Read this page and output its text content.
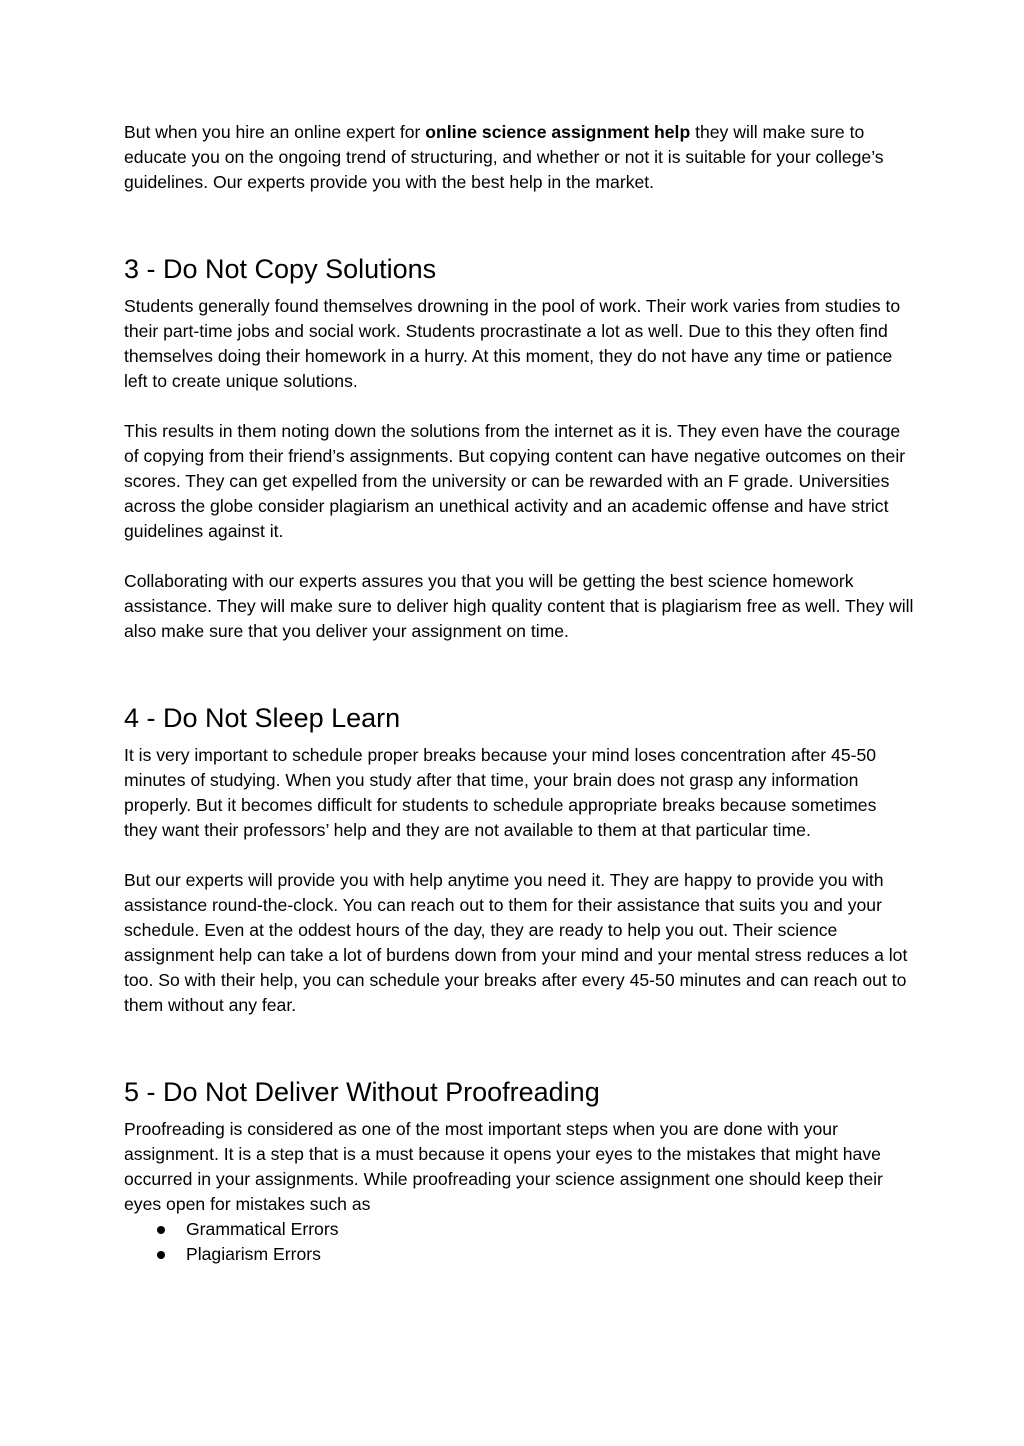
But when you hire an online expert for online science assignment help they will make sure to educate you on the ongoing trend of structuring, and whether or not it is suitable for your college’s guidelines. Our experts provide you with the best help in the market.

3 - Do Not Copy Solutions

Students generally found themselves drowning in the pool of work. Their work varies from studies to their part-time jobs and social work. Students procrastinate a lot as well. Due to this they often find themselves doing their homework in a hurry. At this moment, they do not have any time or patience left to create unique solutions.

This results in them noting down the solutions from the internet as it is. They even have the courage of copying from their friend’s assignments. But copying content can have negative outcomes on their scores. They can get expelled from the university or can be rewarded with an F grade. Universities across the globe consider plagiarism an unethical activity and an academic offense and have strict guidelines against it.

Collaborating with our experts assures you that you will be getting the best science homework assistance. They will make sure to deliver high quality content that is plagiarism free as well. They will also make sure that you deliver your assignment on time.

4 - Do Not Sleep Learn

It is very important to schedule proper breaks because your mind loses concentration after 45-50 minutes of studying. When you study after that time, your brain does not grasp any information properly. But it becomes difficult for students to schedule appropriate breaks because sometimes they want their professors’ help and they are not available to them at that particular time.

But our experts will provide you with help anytime you need it. They are happy to provide you with assistance round-the-clock. You can reach out to them for their assistance that suits you and your schedule. Even at the oddest hours of the day, they are ready to help you out. Their science assignment help can take a lot of burdens down from your mind and your mental stress reduces a lot too. So with their help, you can schedule your breaks after every 45-50 minutes and can reach out to them without any fear.

5 - Do Not Deliver Without Proofreading

Proofreading is considered as one of the most important steps when you are done with your assignment. It is a step that is a must because it opens your eyes to the mistakes that might have occurred in your assignments. While proofreading your science assignment one should keep their eyes open for mistakes such as

Grammatical Errors
Plagiarism Errors
